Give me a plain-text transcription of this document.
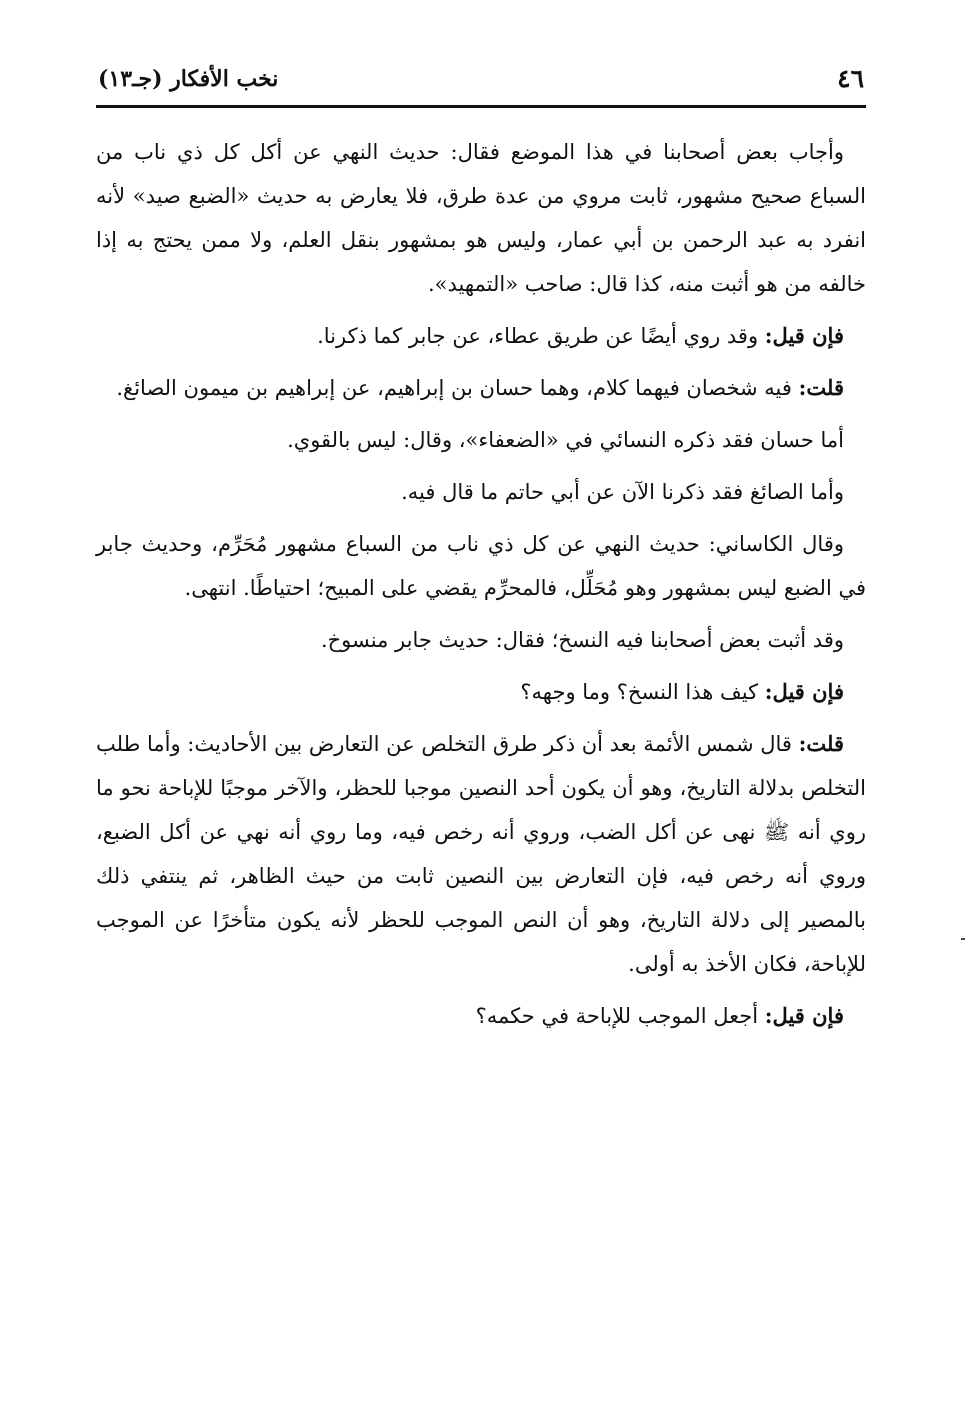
٤٦
نخب الأفكار (جـ١٣)

وأجاب بعض أصحابنا في هذا الموضع فقال: حديث النهي عن أكل كل ذي ناب من السباع صحيح مشهور، ثابت مروي من عدة طرق، فلا يعارض به حديث «الضبع صيد» لأنه انفرد به عبد الرحمن بن أبي عمار، وليس هو بمشهور بنقل العلم، ولا ممن يحتج به إذا خالفه من هو أثبت منه، كذا قال: صاحب «التمهيد».

فإن قيل: وقد روي أيضًا عن طريق عطاء، عن جابر كما ذكرنا.

قلت: فيه شخصان فيهما كلام، وهما حسان بن إبراهيم، عن إبراهيم بن ميمون الصائغ.

أما حسان فقد ذكره النسائي في «الضعفاء»، وقال: ليس بالقوي.

وأما الصائغ فقد ذكرنا الآن عن أبي حاتم ما قال فيه.

وقال الكاساني: حديث النهي عن كل ذي ناب من السباع مشهور مُحَرِّم، وحديث جابر في الضبع ليس بمشهور وهو مُحَلِّل، فالمحرِّم يقضي على المبيح؛ احتياطًا. انتهى.

وقد أثبت بعض أصحابنا فيه النسخ؛ فقال: حديث جابر منسوخ.

فإن قيل: كيف هذا النسخ؟ وما وجهه؟

قلت: قال شمس الأئمة بعد أن ذكر طرق التخلص عن التعارض بين الأحاديث: وأما طلب التخلص بدلالة التاريخ، وهو أن يكون أحد النصين موجبا للحظر، والآخر موجبًا للإباحة نحو ما روي أنه ﷺ نهى عن أكل الضب، وروي أنه رخص فيه، وما روي أنه نهي عن أكل الضبع، وروي أنه رخص فيه، فإن التعارض بين النصين ثابت من حيث الظاهر، ثم ينتفي ذلك بالمصير إلى دلالة التاريخ، وهو أن النص الموجب للحظر لأنه يكون متأخرًا عن الموجب للإباحة، فكان الأخذ به أولى.

فإن قيل: أجعل الموجب للإباحة في حكمه؟
